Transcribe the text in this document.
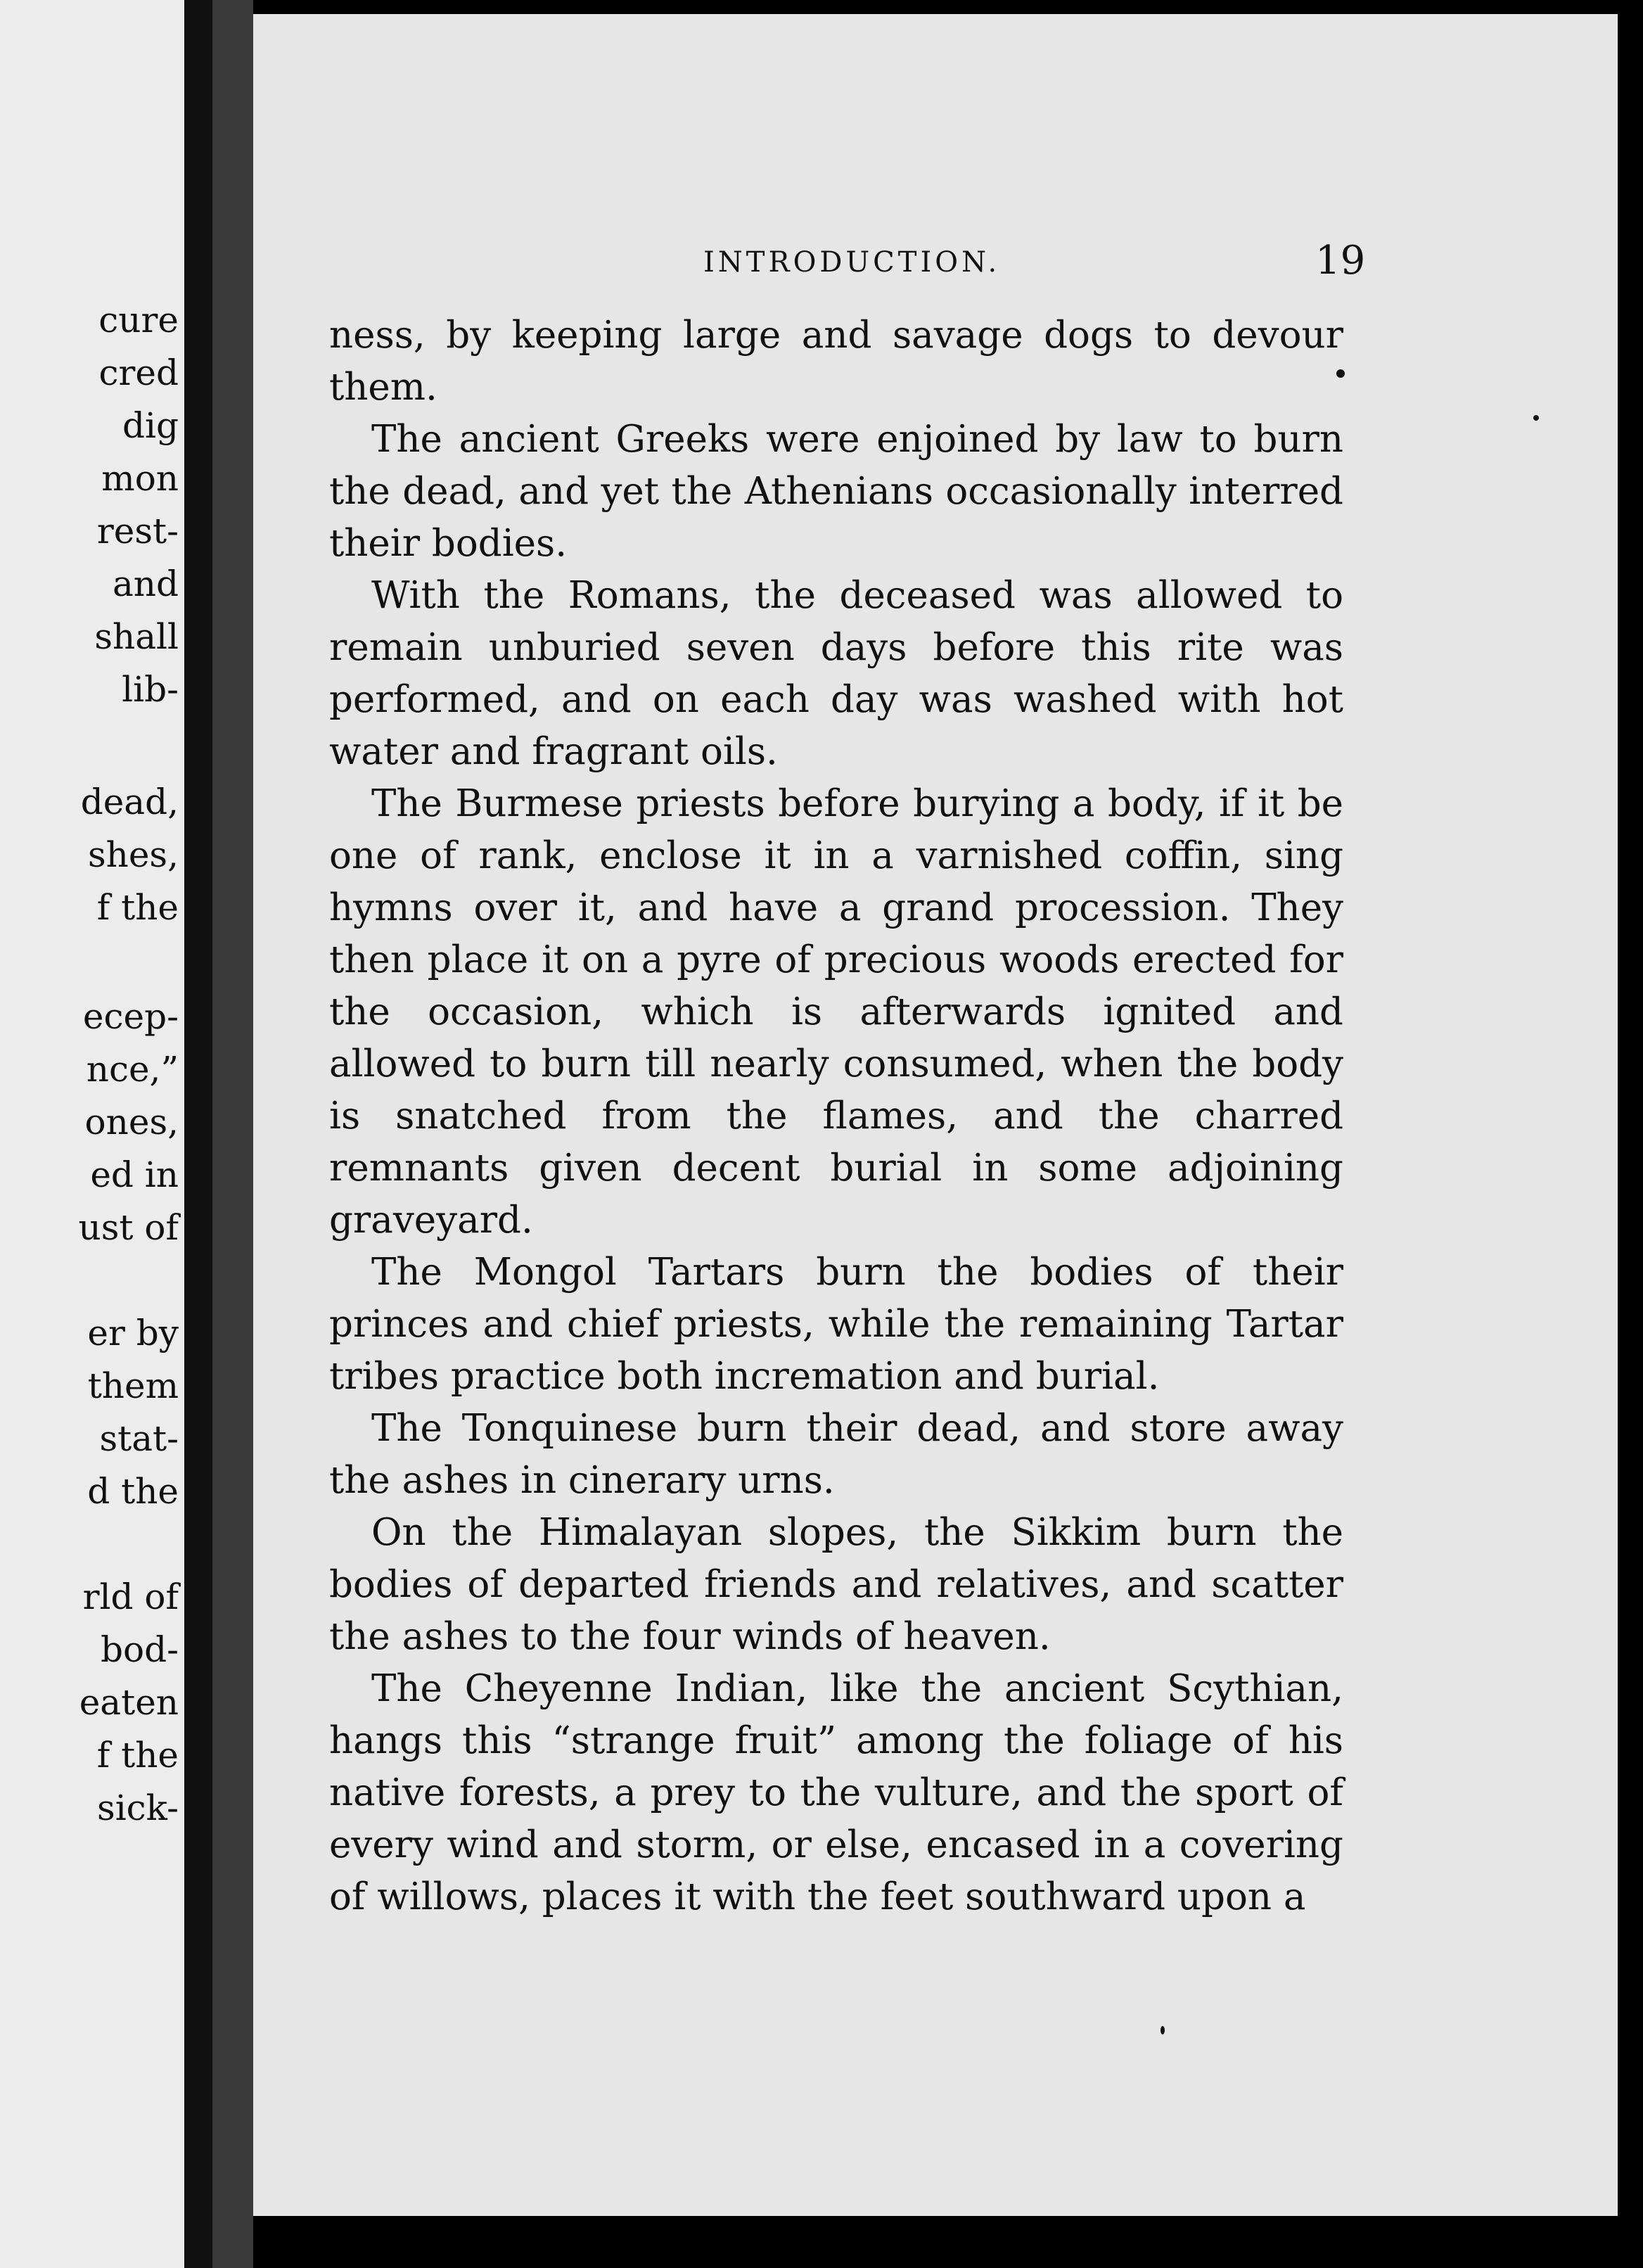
cure
cred
dig
mon
rest-
and
shall
lib-
dead,
shes,
f the
ecep-
nce,”
ones,
ed in
ust of
er by
them
stat-
d the
rld of
bod-
eaten
f the
sick-
INTRODUCTION.	19

ness, by keeping large and savage dogs to devour them.

The ancient Greeks were enjoined by law to burn the dead, and yet the Athenians occasionally interred their bodies.

With the Romans, the deceased was allowed to remain unburied seven days before this rite was performed, and on each day was washed with hot water and fragrant oils.

The Burmese priests before burying a body, if it be one of rank, enclose it in a varnished coffin, sing hymns over it, and have a grand procession. They then place it on a pyre of precious woods erected for the occasion, which is afterwards ignited and allowed to burn till nearly consumed, when the body is snatched from the flames, and the charred remnants given decent burial in some adjoining graveyard.

The Mongol Tartars burn the bodies of their princes and chief priests, while the remaining Tartar tribes practice both incremation and burial.

The Tonquinese burn their dead, and store away the ashes in cinerary urns.

On the Himalayan slopes, the Sikkim burn the bodies of departed friends and relatives, and scatter the ashes to the four winds of heaven.

The Cheyenne Indian, like the ancient Scythian, hangs this “strange fruit” among the foliage of his native forests, a prey to the vulture, and the sport of every wind and storm, or else, encased in a covering of willows, places it with the feet southward upon a
